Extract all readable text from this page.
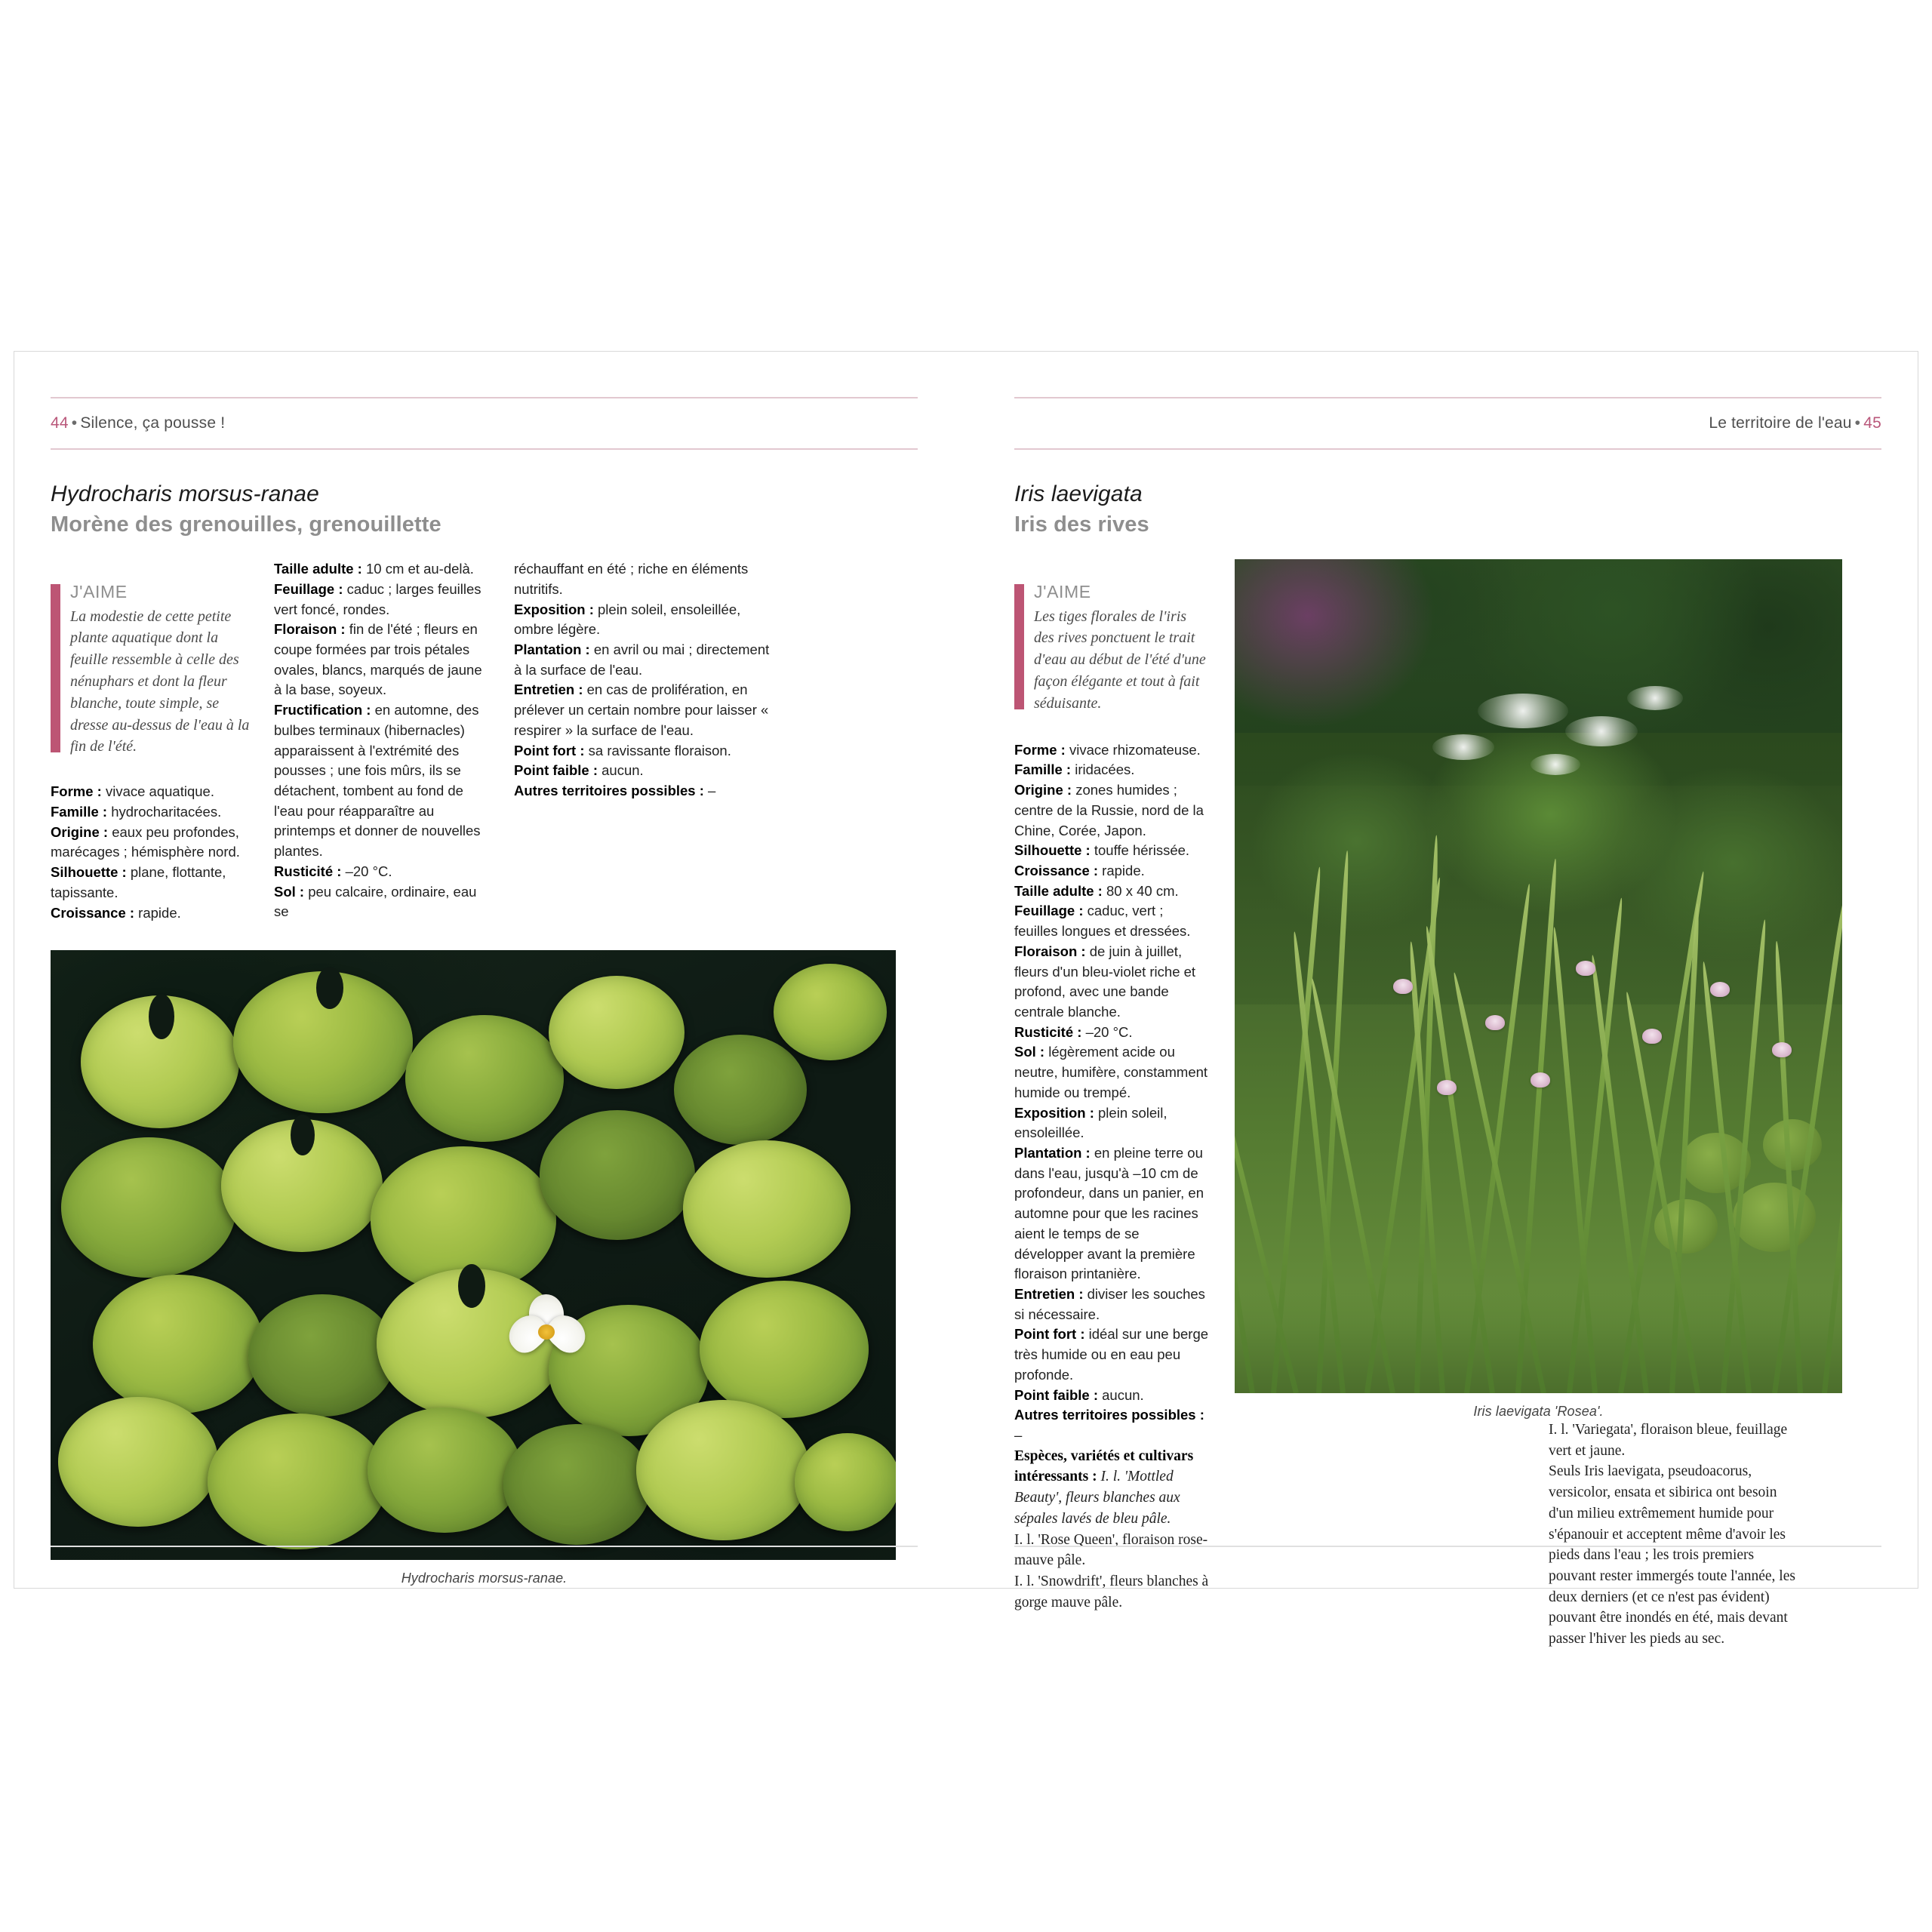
44 • Silence, ça pousse !
Hydrocharis morsus-ranae
Morène des grenouilles, grenouillette
J'AIME
La modestie de cette petite plante aquatique dont la feuille ressemble à celle des nénuphars et dont la fleur blanche, toute simple, se dresse au-dessus de l'eau à la fin de l'été.

Forme : vivace aquatique.

Famille : hydrocharitacées.

Origine : eaux peu profondes, marécages ; hémisphère nord.

Silhouette : plane, flottante, tapissante.

Croissance : rapide.

Taille adulte : 10 cm et au-delà.

Feuillage : caduc ; larges feuilles vert foncé, rondes.

Floraison : fin de l'été ; fleurs en coupe formées par trois pétales ovales, blancs, marqués de jaune à la base, soyeux.

Fructification : en automne, des bulbes terminaux (hibernacles) apparaissent à l'extrémité des pousses ; une fois mûrs, ils se détachent, tombent au fond de l'eau pour réapparaître au printemps et donner de nouvelles plantes.

Rusticité : –20 °C.

Sol : peu calcaire, ordinaire, eau se

réchauffant en été ; riche en éléments nutritifs.

Exposition : plein soleil, ensoleillée, ombre légère.

Plantation : en avril ou mai ; directement à la surface de l'eau.

Entretien : en cas de prolifération, en prélever un certain nombre pour laisser « respirer » la surface de l'eau.

Point fort : sa ravissante floraison.

Point faible : aucun.

Autres territoires possibles : –

Hydrocharis morsus-ranae.
Le territoire de l'eau • 45
Iris laevigata
Iris des rives
J'AIME
Les tiges florales de l'iris des rives ponctuent le trait d'eau au début de l'été d'une façon élégante et tout à fait séduisante.

Forme : vivace rhizomateuse.

Famille : iridacées.

Origine : zones humides ; centre de la Russie, nord de la Chine, Corée, Japon.

Silhouette : touffe hérissée.

Croissance : rapide.

Taille adulte : 80 x 40 cm.

Feuillage : caduc, vert ; feuilles longues et dressées.

Floraison : de juin à juillet, fleurs d'un bleu-violet riche et profond, avec une bande centrale blanche.

Rusticité : –20 °C.

Sol : légèrement acide ou neutre, humifère, constamment humide ou trempé.

Exposition : plein soleil, ensoleillée.

Plantation : en pleine terre ou dans l'eau, jusqu'à –10 cm de profondeur, dans un panier, en automne pour que les racines aient le temps de se développer avant la première floraison printanière.

Entretien : diviser les souches si nécessaire.

Point fort : idéal sur une berge très humide ou en eau peu profonde.

Point faible : aucun.

Autres territoires possibles : –

Espèces, variétés et cultivars intéressants : I. l. 'Mottled Beauty', fleurs blanches aux sépales lavés de bleu pâle.

I. l. 'Rose Queen', floraison rose-mauve pâle.

I. l. 'Snowdrift', fleurs blanches à gorge mauve pâle.

Iris laevigata 'Rosea'.

I. l. 'Variegata', floraison bleue, feuillage vert et jaune.

Seuls Iris laevigata, pseudoacorus, versicolor, ensata et sibirica ont besoin d'un milieu extrêmement humide pour s'épanouir et acceptent même d'avoir les pieds dans l'eau ; les trois premiers pouvant rester immergés toute l'année, les deux derniers (et ce n'est pas évident) pouvant être inondés en été, mais devant passer l'hiver les pieds au sec.
